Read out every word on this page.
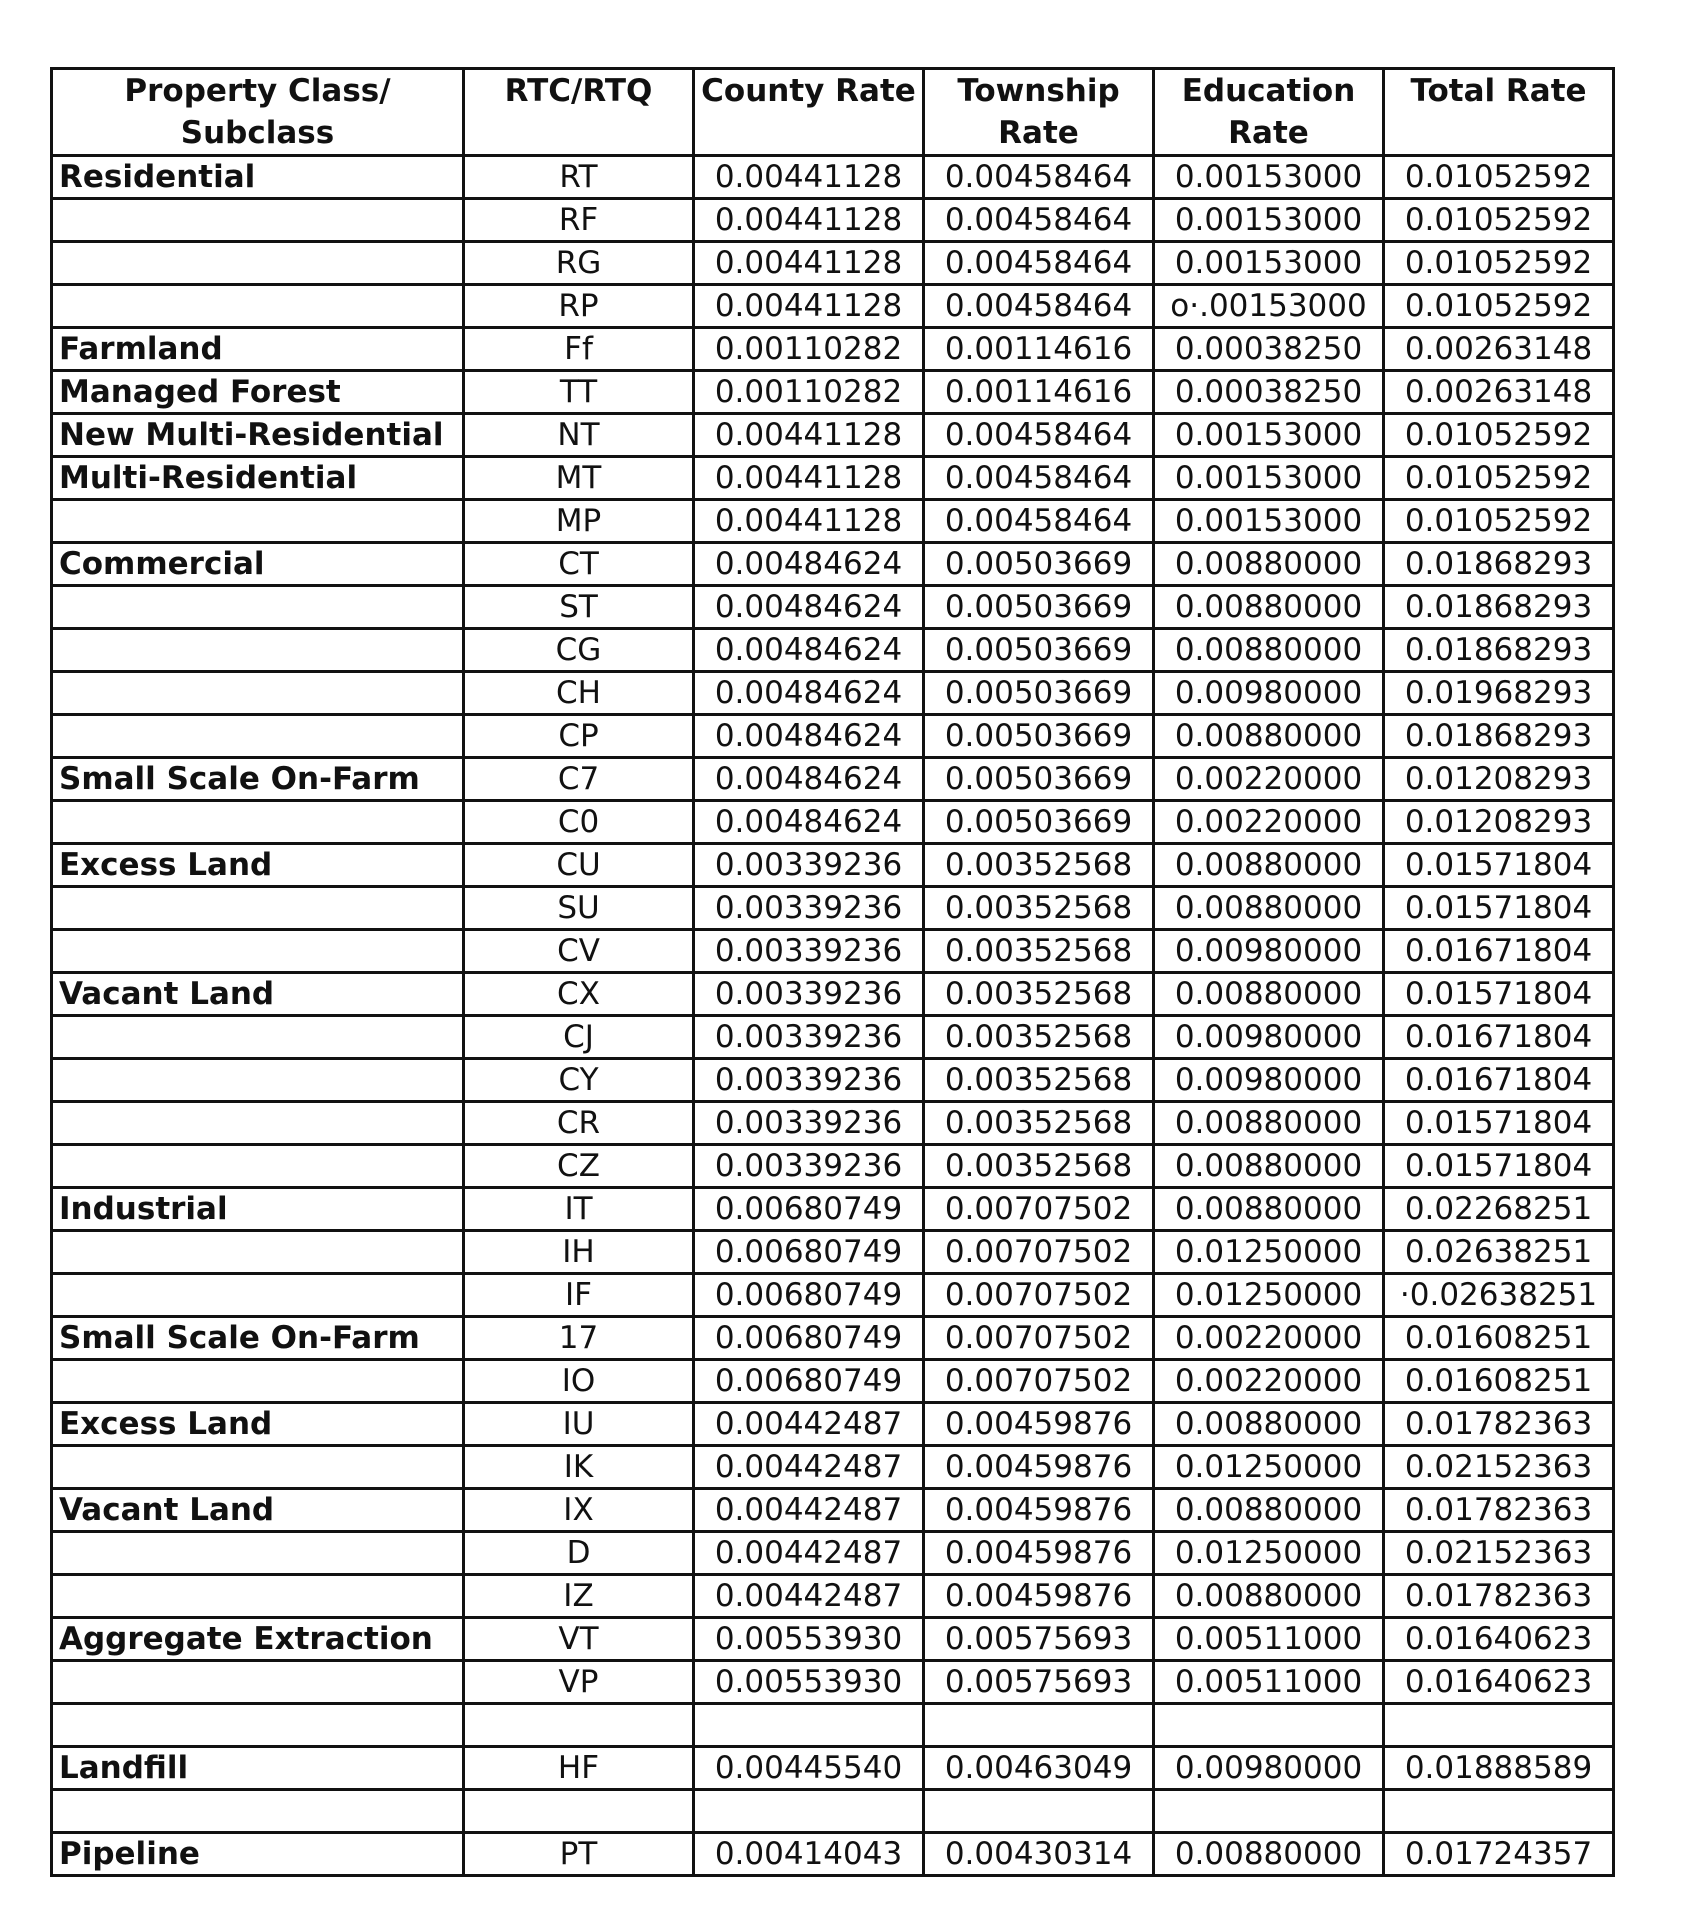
Property Class/ Subclass	RTC/RTQ	County Rate	Township Rate	Education Rate	Total Rate
Residential	RT	0.00441128	0.00458464	0.00153000	0.01052592
	RF	0.00441128	0.00458464	0.00153000	0.01052592
	RG	0.00441128	0.00458464	0.00153000	0.01052592
	RP	0.00441128	0.00458464	o·.00153000	0.01052592
Farmland	Ff	0.00110282	0.00114616	0.00038250	0.00263148
Managed Forest	TT	0.00110282	0.00114616	0.00038250	0.00263148
New Multi-Residential	NT	0.00441128	0.00458464	0.00153000	0.01052592
Multi-Residential	MT	0.00441128	0.00458464	0.00153000	0.01052592
	MP	0.00441128	0.00458464	0.00153000	0.01052592
Commercial	CT	0.00484624	0.00503669	0.00880000	0.01868293
	ST	0.00484624	0.00503669	0.00880000	0.01868293
	CG	0.00484624	0.00503669	0.00880000	0.01868293
	CH	0.00484624	0.00503669	0.00980000	0.01968293
	CP	0.00484624	0.00503669	0.00880000	0.01868293
Small Scale On-Farm	C7	0.00484624	0.00503669	0.00220000	0.01208293
	C0	0.00484624	0.00503669	0.00220000	0.01208293
Excess Land	CU	0.00339236	0.00352568	0.00880000	0.01571804
	SU	0.00339236	0.00352568	0.00880000	0.01571804
	CV	0.00339236	0.00352568	0.00980000	0.01671804
Vacant Land	CX	0.00339236	0.00352568	0.00880000	0.01571804
	CJ	0.00339236	0.00352568	0.00980000	0.01671804
	CY	0.00339236	0.00352568	0.00980000	0.01671804
	CR	0.00339236	0.00352568	0.00880000	0.01571804
	CZ	0.00339236	0.00352568	0.00880000	0.01571804
Industrial	IT	0.00680749	0.00707502	0.00880000	0.02268251
	IH	0.00680749	0.00707502	0.01250000	0.02638251
	IF	0.00680749	0.00707502	0.01250000	·0.02638251
Small Scale On-Farm	17	0.00680749	0.00707502	0.00220000	0.01608251
	IO	0.00680749	0.00707502	0.00220000	0.01608251
Excess Land	IU	0.00442487	0.00459876	0.00880000	0.01782363
	IK	0.00442487	0.00459876	0.01250000	0.02152363
Vacant Land	IX	0.00442487	0.00459876	0.00880000	0.01782363
	D	0.00442487	0.00459876	0.01250000	0.02152363
	IZ	0.00442487	0.00459876	0.00880000	0.01782363
Aggregate Extraction	VT	0.00553930	0.00575693	0.00511000	0.01640623
	VP	0.00553930	0.00575693	0.00511000	0.01640623

Landfill	HF	0.00445540	0.00463049	0.00980000	0.01888589

Pipeline	PT	0.00414043	0.00430314	0.00880000	0.01724357
